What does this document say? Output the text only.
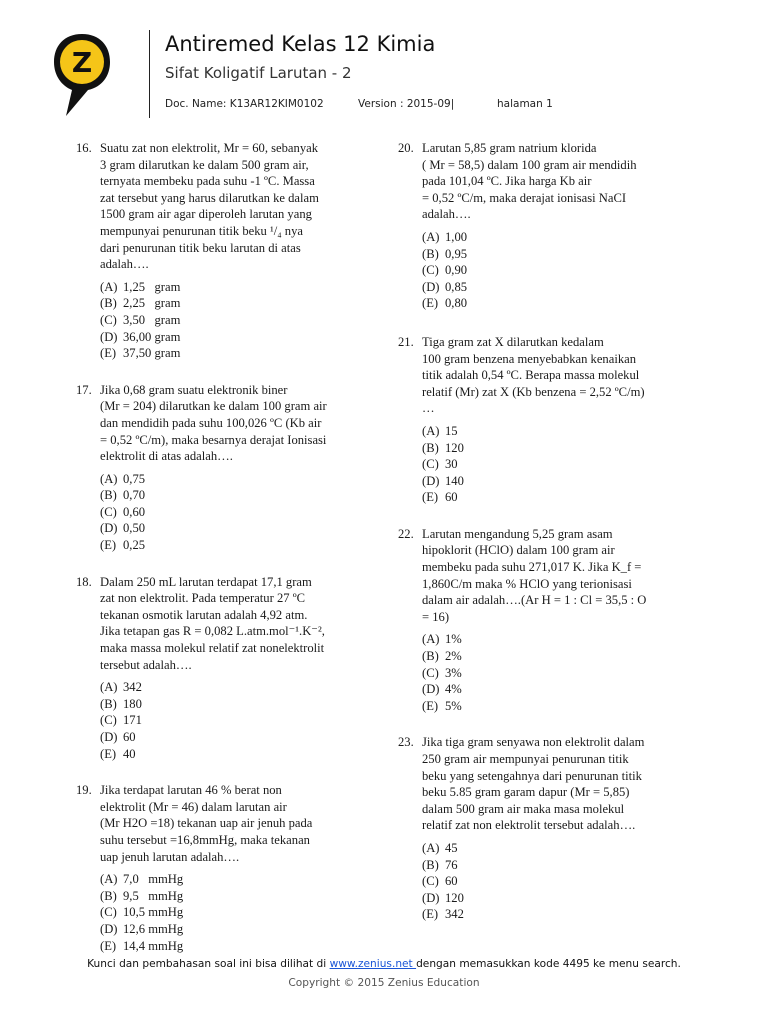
Z
Antiremed Kelas 12 Kimia
Sifat Koligatif Larutan - 2
Doc. Name: K13AR12KIM0102	Version : 2015-09|	halaman 1
16. Suatu zat non elektrolit, Mr = 60, sebanyak
3 gram dilarutkan ke dalam 500 gram air,
ternyata membeku pada suhu -1 ºC. Massa
zat tersebut yang harus dilarutkan ke dalam
1500 gram air agar diperoleh larutan yang
mempunyai penurunan titik beku ¹/₄ nya
dari penurunan titik beku larutan di atas
adalah….
(A) 1,25   gram
(B) 2,25   gram
(C) 3,50   gram
(D) 36,00 gram
(E) 37,50 gram
17. Jika 0,68 gram suatu elektronik biner
(Mr = 204) dilarutkan ke dalam 100 gram air
dan mendidih pada suhu 100,026 ºC (Kb air
= 0,52 ºC/m), maka besarnya derajat Ionisasi
elektrolit di atas adalah….
(A) 0,75
(B) 0,70
(C) 0,60
(D) 0,50
(E) 0,25
18. Dalam 250 mL larutan terdapat 17,1 gram
zat non elektrolit. Pada temperatur 27 ºC
tekanan osmotik larutan adalah 4,92 atm.
Jika tetapan gas R = 0,082 L.atm.mol⁻¹.K⁻²,
maka massa molekul relatif zat nonelektrolit
tersebut adalah….
(A) 342
(B) 180
(C) 171
(D) 60
(E) 40
19. Jika terdapat larutan 46 % berat non
elektrolit (Mr = 46) dalam larutan air
(Mr H2O =18) tekanan uap air jenuh pada
suhu tersebut =16,8mmHg, maka tekanan
uap jenuh larutan adalah….
(A) 7,0   mmHg
(B) 9,5   mmHg
(C) 10,5 mmHg
(D) 12,6 mmHg
(E) 14,4 mmHg
20. Larutan 5,85 gram natrium klorida
( Mr = 58,5) dalam 100 gram air mendidih
pada 101,04 ºC. Jika harga Kb air
= 0,52 ºC/m, maka derajat ionisasi NaCI
adalah….
(A) 1,00
(B) 0,95
(C) 0,90
(D) 0,85
(E) 0,80
21. Tiga gram zat X dilarutkan kedalam
100 gram benzena menyebabkan kenaikan
titik adalah 0,54 ºC. Berapa massa molekul
relatif (Mr) zat X (Kb benzena = 2,52 ºC/m)
…
(A) 15
(B) 120
(C) 30
(D) 140
(E) 60
22. Larutan mengandung 5,25 gram asam
hipoklorit (HClO) dalam 100 gram air
membeku pada suhu 271,017 K. Jika K_f =
1,860C/m maka % HClO yang terionisasi
dalam air adalah….(Ar H = 1 : Cl = 35,5 : O
= 16)
(A) 1%
(B) 2%
(C) 3%
(D) 4%
(E) 5%
23. Jika tiga gram senyawa non elektrolit dalam
250 gram air mempunyai penurunan titik
beku yang setengahnya dari penurunan titik
beku 5.85 gram garam dapur (Mr = 5,85)
dalam 500 gram air maka masa molekul
relatif zat non elektrolit tersebut adalah….
(A) 45
(B) 76
(C) 60
(D) 120
(E) 342
Kunci dan pembahasan soal ini bisa dilihat di www.zenius.net dengan memasukkan kode 4495 ke menu search.
Copyright © 2015 Zenius Education
